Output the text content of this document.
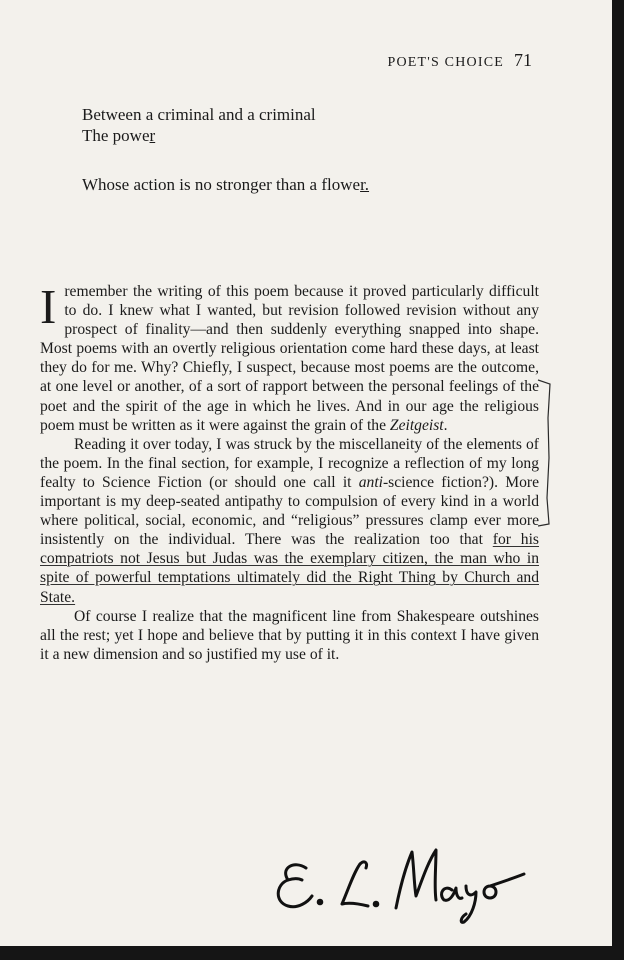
POET'S CHOICE 71
Between a criminal and a criminal
The power
Whose action is no stronger than a flower.

I remember the writing of this poem because it proved particularly difficult to do. I knew what I wanted, but revision followed revision without any prospect of finality—and then suddenly everything snapped into shape. Most poems with an overtly religious orientation come hard these days, at least they do for me. Why? Chiefly, I suspect, because most poems are the outcome, at one level or another, of a sort of rapport between the personal feelings of the poet and the spirit of the age in which he lives. And in our age the religious poem must be written as it were against the grain of the Zeitgeist.

Reading it over today, I was struck by the miscellaneity of the elements of the poem. In the final section, for example, I recognize a reflection of my long fealty to Science Fiction (or should one call it anti-science fiction?). More important is my deep-seated antipathy to compulsion of every kind in a world where political, social, economic, and “religious” pressures clamp ever more insistently on the individual. There was the realization too that for his compatriots not Jesus but Judas was the exemplary citizen, the man who in spite of powerful temptations ultimately did the Right Thing by Church and State.

Of course I realize that the magnificent line from Shakespeare outshines all the rest; yet I hope and believe that by putting it in this context I have given it a new dimension and so justified my use of it.
